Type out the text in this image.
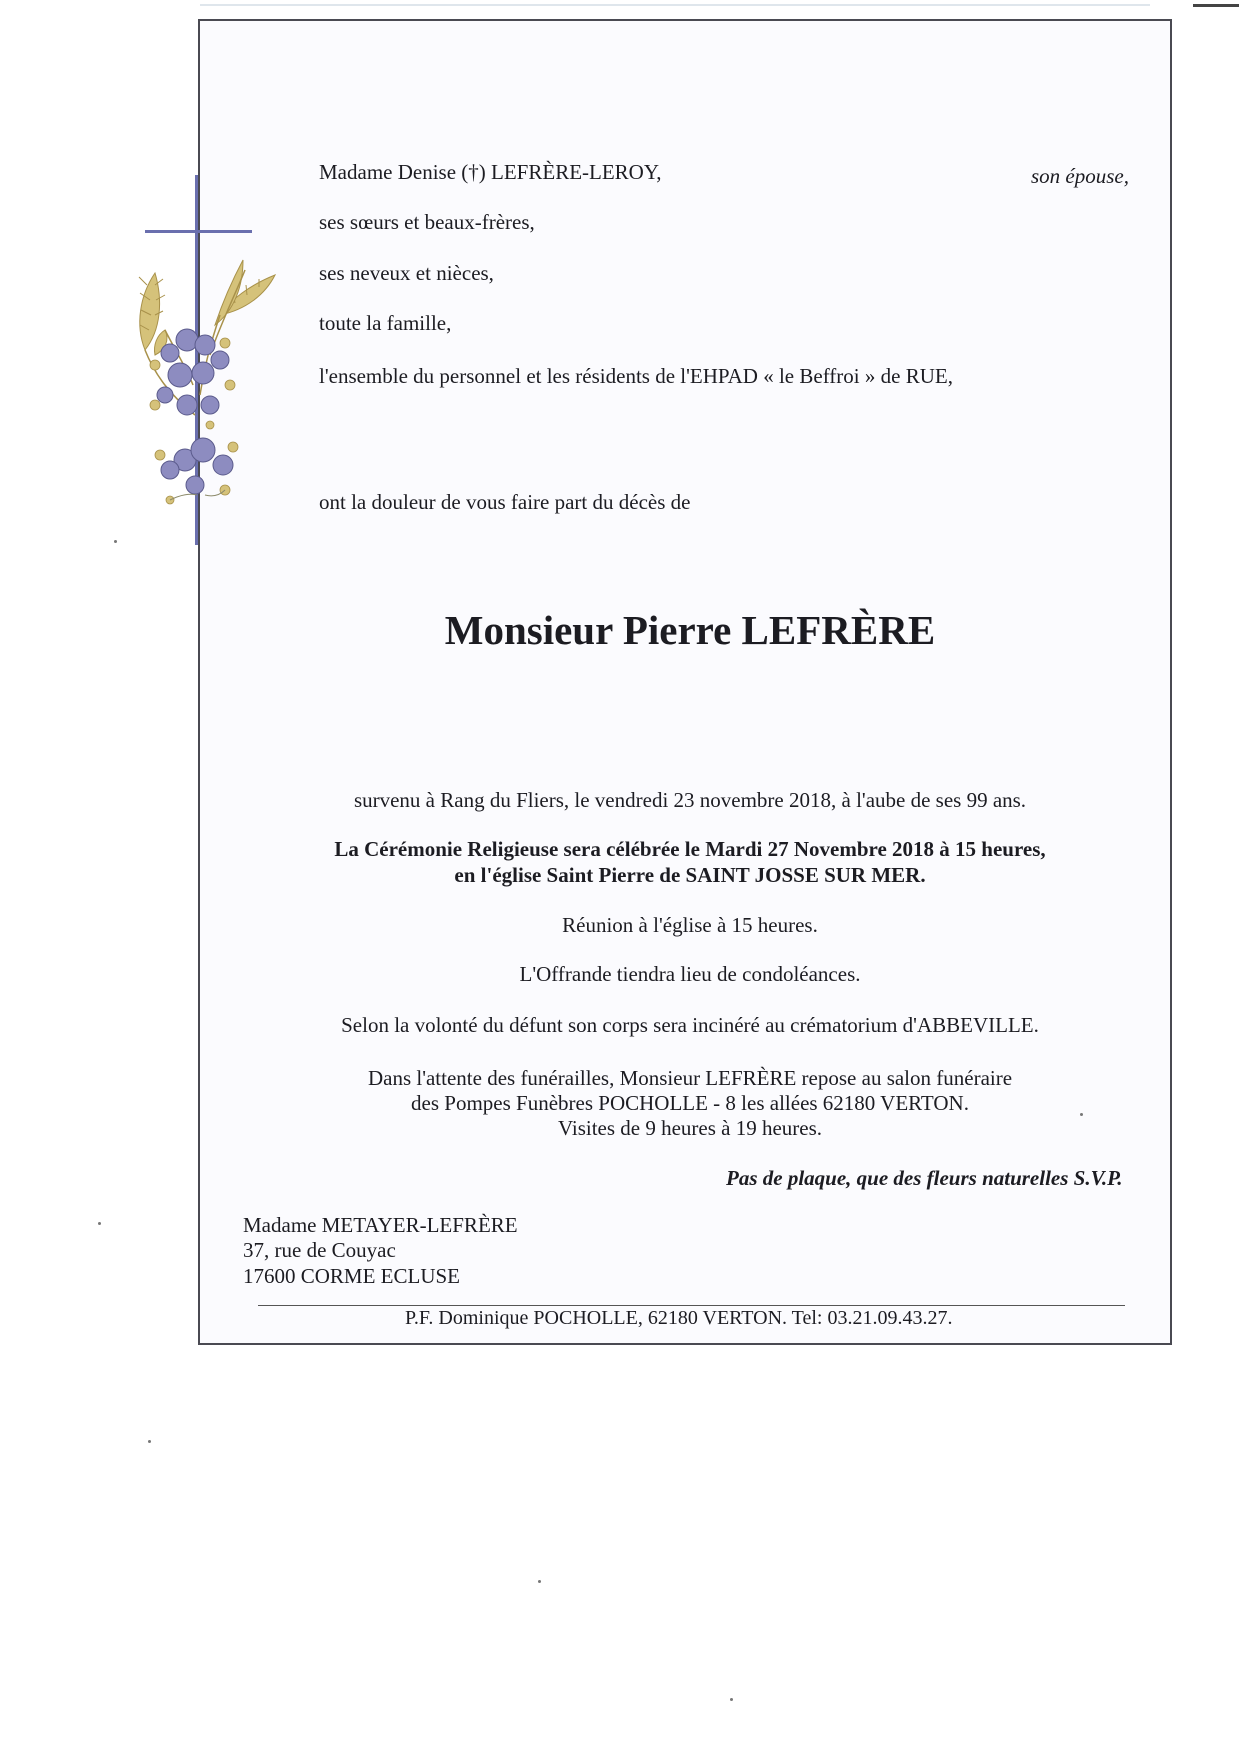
Madame Denise (†) LEFRÈRE-LEROY,	son épouse,

ses sœurs et beaux-frères,

ses neveux et nièces,

toute la famille,

l'ensemble du personnel et les résidents de l'EHPAD « le Beffroi » de RUE,

ont la douleur de vous faire part du décès de

Monsieur Pierre LEFRÈRE

survenu à Rang du Fliers, le vendredi 23 novembre 2018, à l'aube de ses 99 ans.

La Cérémonie Religieuse sera célébrée le Mardi 27 Novembre 2018 à 15 heures,

en l'église Saint Pierre de SAINT JOSSE SUR MER.

Réunion à l'église à 15 heures.

L'Offrande tiendra lieu de condoléances.

Selon la volonté du défunt son corps sera incinéré au crématorium d'ABBEVILLE.

Dans l'attente des funérailles, Monsieur LEFRÈRE repose au salon funéraire

des Pompes Funèbres POCHOLLE - 8 les allées 62180 VERTON.

Visites de 9 heures à 19 heures.

Pas de plaque, que des fleurs naturelles S.V.P.

Madame METAYER-LEFRÈRE

37, rue de Couyac

17600 CORME ECLUSE

P.F. Dominique POCHOLLE, 62180 VERTON. Tel: 03.21.09.43.27.
